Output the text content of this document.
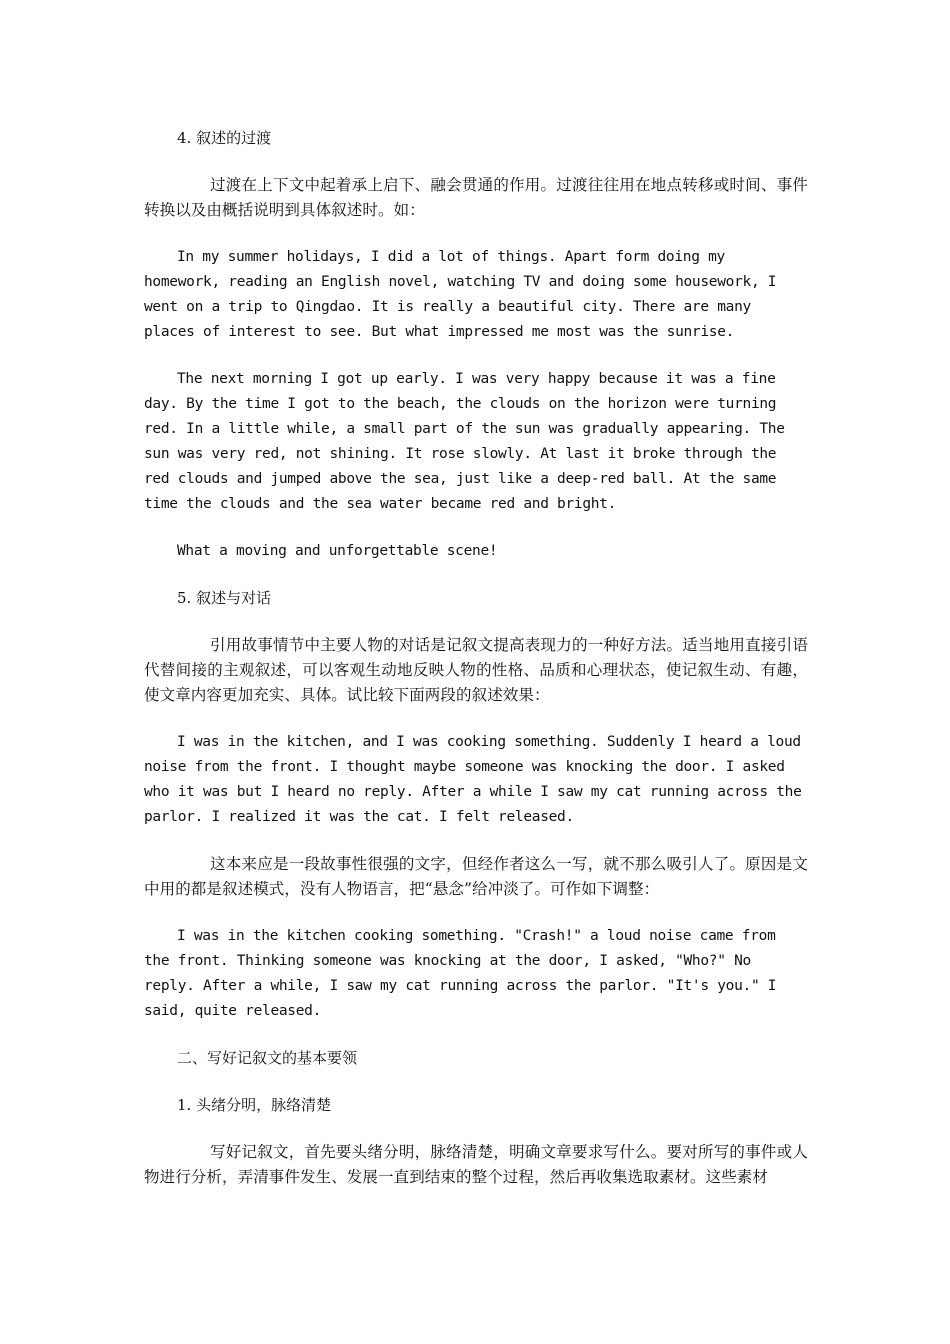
4. 叙述的过渡

过渡在上下文中起着承上启下、融会贯通的作用。过渡往往用在地点转移或时间、事件转换以及由概括说明到具体叙述时。如：

In my summer holidays, I did a lot of things. Apart form doing my homework, reading an English novel, watching TV and doing some housework, I went on a trip to Qingdao. It is really a beautiful city. There are many places of interest to see. But what impressed me most was the sunrise.

The next morning I got up early. I was very happy because it was a fine day. By the time I got to the beach, the clouds on the horizon were turning red. In a little while, a small part of the sun was gradually appearing. The sun was very red, not shining. It rose slowly. At last it broke through the red clouds and jumped above the sea, just like a deep-red ball. At the same time the clouds and the sea water became red and bright.

What a moving and unforgettable scene!

5. 叙述与对话

引用故事情节中主要人物的对话是记叙文提高表现力的一种好方法。适当地用直接引语代替间接的主观叙述，可以客观生动地反映人物的性格、品质和心理状态，使记叙生动、有趣，使文章内容更加充实、具体。试比较下面两段的叙述效果：

I was in the kitchen, and I was cooking something. Suddenly I heard a loud noise from the front. I thought maybe someone was knocking the door. I asked who it was but I heard no reply. After a while I saw my cat running across the parlor. I realized it was the cat. I felt released.

这本来应是一段故事性很强的文字，但经作者这么一写，就不那么吸引人了。原因是文中用的都是叙述模式，没有人物语言，把“悬念”给冲淡了。可作如下调整：

I was in the kitchen cooking something. "Crash!" a loud noise came from the front. Thinking someone was knocking at the door, I asked, "Who?" No reply. After a while, I saw my cat running across the parlor. "It's you." I said, quite released.

二、写好记叙文的基本要领

1. 头绪分明，脉络清楚

写好记叙文，首先要头绪分明，脉络清楚，明确文章要求写什么。要对所写的事件或人物进行分析，弄清事件发生、发展一直到结束的整个过程，然后再收集选取素材。这些素材
